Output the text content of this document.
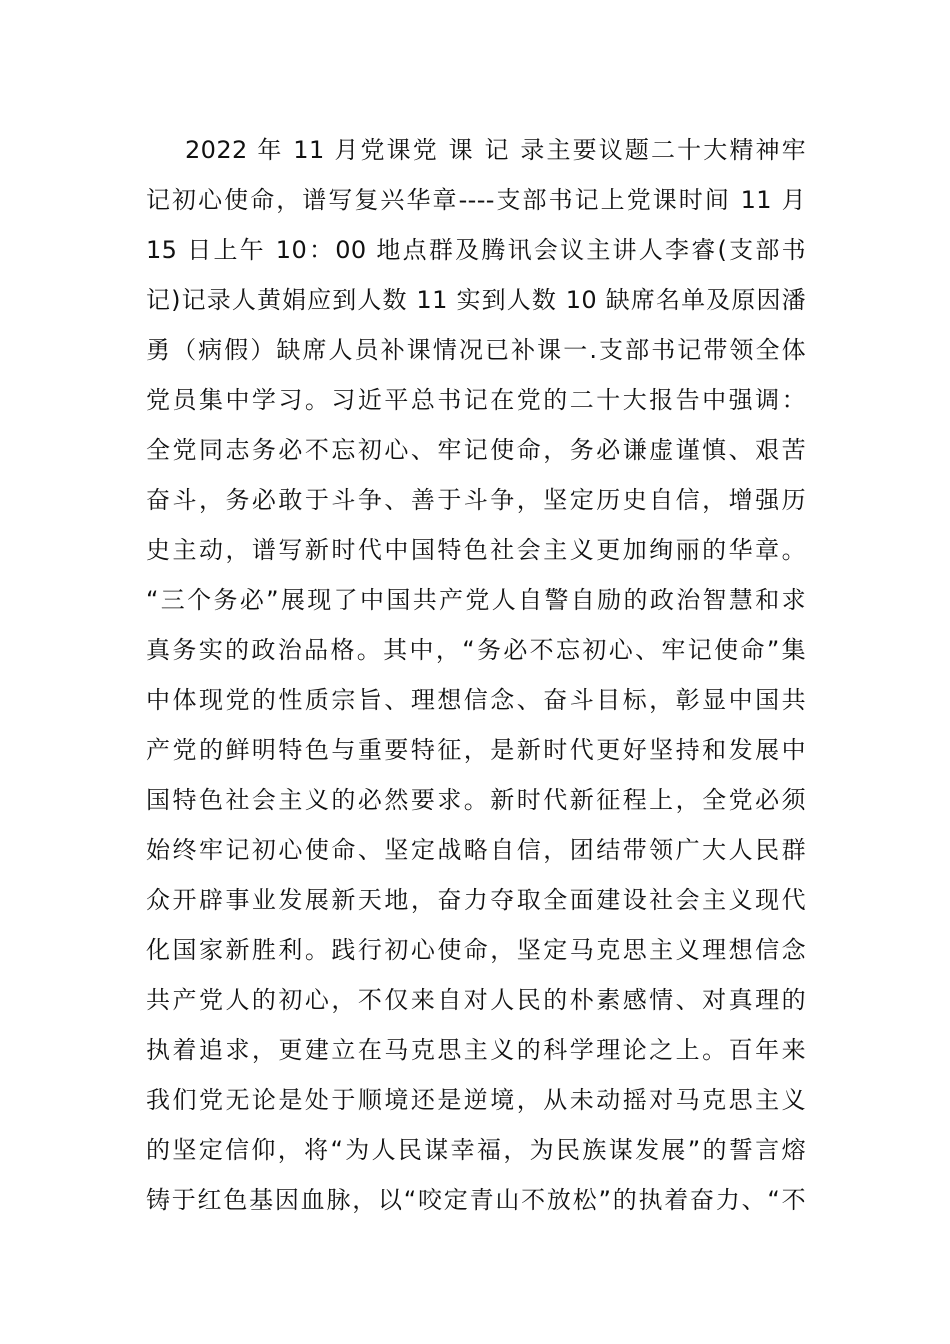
2022 年 11 月党课党 课 记 录主要议题二十大精神牢
记初心使命，谱写复兴华章----支部书记上党课时间 11 月
15 日上午 10：00 地点群及腾讯会议主讲人李睿(支部书
记)记录人黄娟应到人数 11 实到人数 10 缺席名单及原因潘
勇（病假）缺席人员补课情况已补课一.支部书记带领全体
党员集中学习。习近平总书记在党的二十大报告中强调：
全党同志务必不忘初心、牢记使命，务必谦虚谨慎、艰苦
奋斗，务必敢于斗争、善于斗争，坚定历史自信，增强历
史主动，谱写新时代中国特色社会主义更加绚丽的华章。
“三个务必”展现了中国共产党人自警自励的政治智慧和求
真务实的政治品格。其中，“务必不忘初心、牢记使命”集
中体现党的性质宗旨、理想信念、奋斗目标，彰显中国共
产党的鲜明特色与重要特征，是新时代更好坚持和发展中
国特色社会主义的必然要求。新时代新征程上，全党必须
始终牢记初心使命、坚定战略自信，团结带领广大人民群
众开辟事业发展新天地，奋力夺取全面建设社会主义现代
化国家新胜利。践行初心使命，坚定马克思主义理想信念
共产党人的初心，不仅来自对人民的朴素感情、对真理的
执着追求，更建立在马克思主义的科学理论之上。百年来
我们党无论是处于顺境还是逆境，从未动摇对马克思主义
的坚定信仰，将“为人民谋幸福，为民族谋发展”的誓言熔
铸于红色基因血脉，以“咬定青山不放松”的执着奋力、“不
